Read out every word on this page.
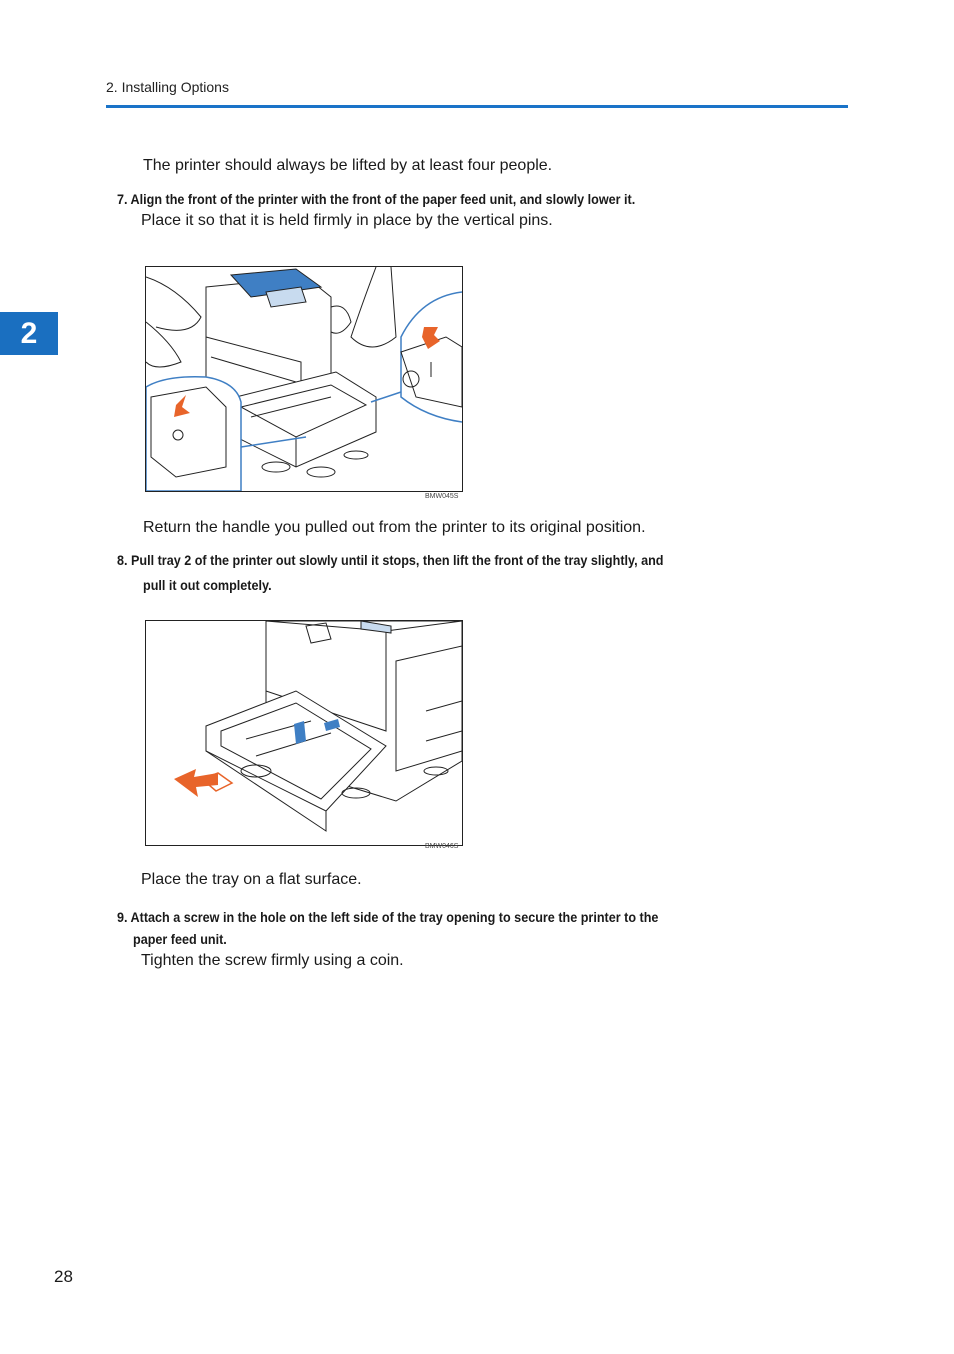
2. Installing Options
2
The printer should always be lifted by at least four people.
7. Align the front of the printer with the front of the paper feed unit, and slowly lower it.
Place it so that it is held firmly in place by the vertical pins.
BMW045S
Return the handle you pulled out from the printer to its original position.
8. Pull tray 2 of the printer out slowly until it stops, then lift the front of the tray slightly, and
pull it out completely.
BMW046S
Place the tray on a flat surface.
9. Attach a screw in the hole on the left side of the tray opening to secure the printer to the
paper feed unit.
Tighten the screw firmly using a coin.
28
